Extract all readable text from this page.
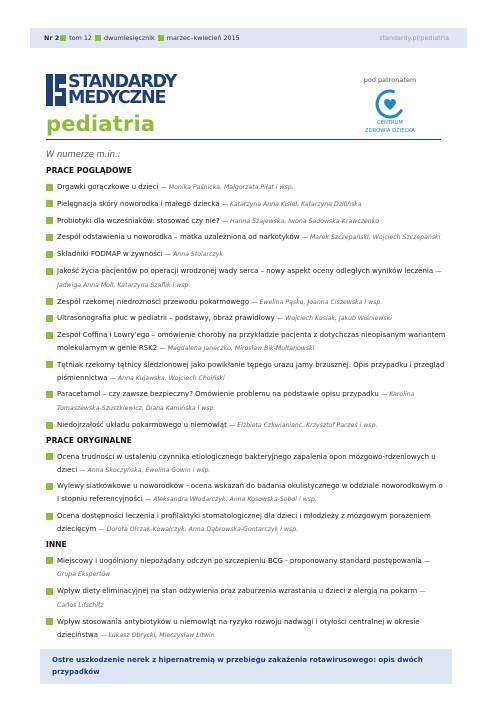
Nr 2 tom 12 dwumiesięcznik marzec–kwiecień 2015	standardy.pl/pediatria
STANDARDY
MEDYCZNE
pediatria
pod patronatem
CENTRUM
ZDROWIA DZIECKA
W numerze m.in.:
PRACE POGLĄDOWE
Drgawki gorączkowe u dzieci — Monika Paśnicka, Małgorzata Piłat i wsp.
Pielęgnacja skóry noworodka i małego dziecka — Katarzyna Anna Kisiel, Katarzyna Dzilińska
Probiotyki dla wcześniaków: stosować czy nie? — Hanna Szajewska, Iwona Sadowska-Krawczenko
Zespół odstawienia u noworodka – matka uzależniona od narkotyków — Marek Szczepański, Wojciech Szczepański
Składniki FODMAP w żywności — Anna Stolarczyk
Jakość życia pacjentów po operacji wrodzonej wady serca – nowy aspekt oceny odległych wyników leczenia — Jadwiga Anna Moll, Katarzyna Szaflik i wsp.
Zespół rzekomej niedrożności przewodu pokarmowego — Ewelina Pąsko, Joanna Ciszewska i wsp.
Ultrasonografia płuc w pediatrii – podstawy, obraz prawidłowy — Wojciech Kosiak, Jakub Wiśniewski
Zespół Coffina i Lowry'ego – omówienie choroby na przykładzie pacjenta z dotychczas nieopisanym wariantem molekularnym w genie RSK2 — Magdalena Janeczko, Mirosław Bik-Multanowski
Tętniak rzekomy tętnicy śledzionowej jako powikłanie tępego urazu jamy brzusznej. Opis przypadku i przegląd piśmiennictwa — Anna Kujawska, Wojciech Choiński
Paracetamol – czy zawsze bezpieczny? Omówienie problemu na podstawie opisu przypadku — Karolina Tomaszewska-Szuszkiewicz, Diana Kamińska i wsp.
Niedojrzałość układu pokarmowego u niemowląt — Elżbieta Czkwianianc, Krzysztof Pacześ i wsp.
PRACE ORYGINALNE
Ocena trudności w ustaleniu czynnika etiologicznego bakteryjnego zapalenia opon mózgowo-rdzeniowych u dzieci — Anna Skoczyńska, Ewelina Gowin i wsp.
Wylewy siatkówkowe u noworodków - ocena wskazań do badania okulistycznego w oddziale noworodkowym o I stopniu referencyjności — Aleksandra Włodarczyk, Anna Kosowska-Sobol i wsp.
Ocena dostępności leczenia i profilaktyki stomatologicznej dla dzieci i młodzieży z mózgowym porażeniem dziecięcym — Dorota Olczak-Kowalczyk, Anna Dąbrowska-Gontarczyk i wsp.
INNE
Miejscowy i uogólniony niepożądany odczyn po szczepieniu BCG - proponowany standard postępowania — Grupa Ekspertów
Wpływ diety eliminacyjnej na stan odżywienia oraz zaburzenia wzrastania u dzieci z alergią na pokarm — Carlos Lifschitz
Wpływ stosowania antybiotyków u niemowląt na ryzyko rozwoju nadwagi i otyłości centralnej w okresie dzieciństwa — Łukasz Obrycki, Mieczysław Litwin
Ostre uszkodzenie nerek z hipernatremią w przebiegu zakażenia rotawirusowego: opis dwóch przypadków
